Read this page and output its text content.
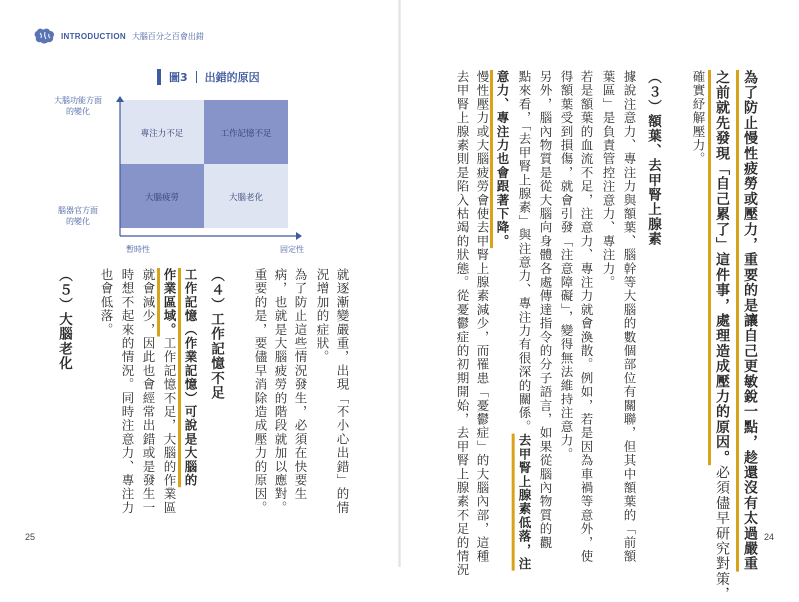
INTRODUCTION 大腦百分之百會出錯
圖3 出錯的原因
專注力不足	工作記憶不足
大腦疲勞	大腦老化
大腦功能方面的變化
腦器官方面的變化
暫時性	固定性	為了防止慢性疲勞或壓力，重要的是讓自己更敏銳一點，趁還沒有太過嚴重
之前就先發現「自己累了」這件事，處理造成壓力的原因。必須儘早研究對策，
確實紓解壓力。
（３）額葉、去甲腎上腺素
據說注意力、專注力與額葉、腦幹等大腦的數個部位有關聯，但其中額葉的「前額
葉區」是負責管控注意力、專注力。
若是額葉的血流不足，注意力、專注力就會渙散。例如，若是因為車禍等意外，使
得額葉受到損傷，就會引發「注意障礙」，變得無法維持注意力。
另外，腦內物質是從大腦向身體各處傳達指令的分子語言，如果從腦內物質的觀
點來看，「去甲腎上腺素」與注意力、專注力有很深的關係。去甲腎上腺素低落，注
意力、專注力也會跟著下降。
慢性壓力或大腦疲勞會使去甲腎上腺素減少，而罹患「憂鬱症」的大腦內部，這種
去甲腎上腺素則是陷入枯竭的狀態。從憂鬱症的初期開始，去甲腎上腺素不足的情況
就逐漸變嚴重，出現「不小心出錯」的情
況增加的症狀。
為了防止這些情況發生，必須在快要生
病，也就是大腦疲勞的階段就加以應對。
重要的是，要儘早消除造成壓力的原因。
（４）工作記憶不足
工作記憶（作業記憶）可說是大腦的
作業區域。工作記憶不足，大腦的作業區
就會減少，因此也會經常出錯或是發生一
時想不起來的情況。同時注意力、專注力
也會低落。
（５）大腦老化
25	24
